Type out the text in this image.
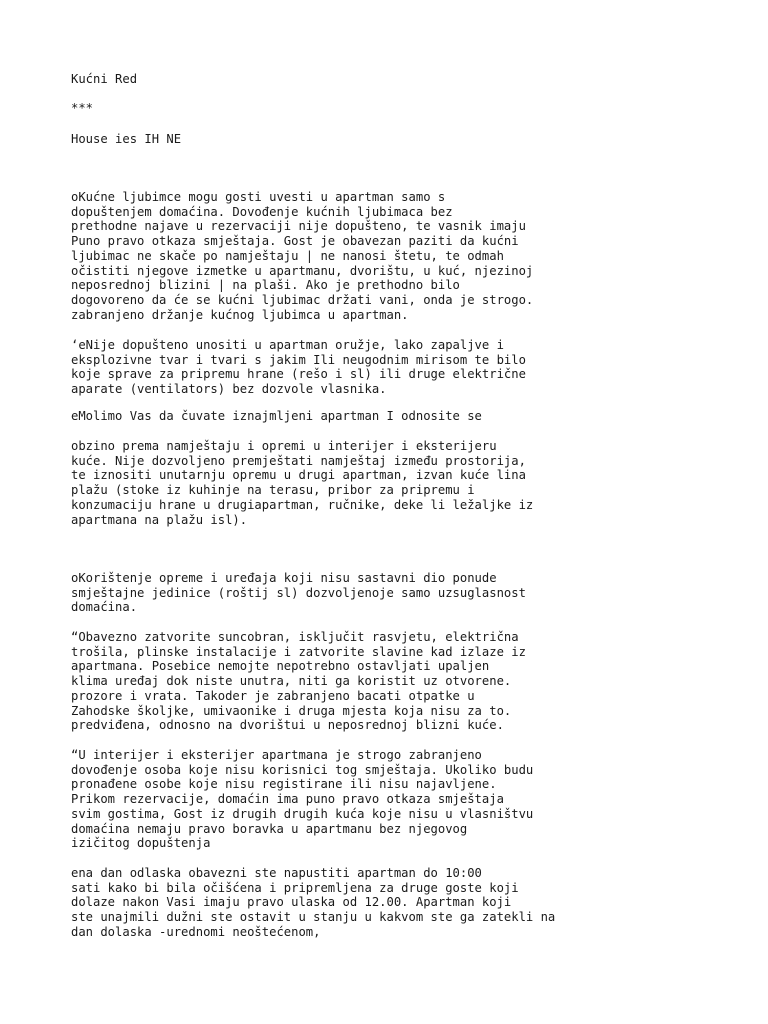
Kućni Red

***

House ies IH NE

oKućne ljubimce mogu gosti uvesti u apartman samo s

dopuštenjem domaćina. Dovođenje kućnih ljubimaca bez

prethodne najave u rezervaciji nije dopušteno, te vasnik imaju

Puno pravo otkaza smještaja. Gost je obavezan paziti da kućni

ljubimac ne skače po namještaju | ne nanosi štetu, te odmah

očistiti njegove izmetke u apartmanu, dvorištu, u kuć, njezinoj

neposrednoj blizini | na plaši. Ako je prethodno bilo

dogovoreno da će se kućni ljubimac držati vani, onda je strogo.

zabranjeno držanje kućnog ljubimca u apartman.

‘eNije dopušteno unositi u apartman oružje, lako zapaljve i

eksplozivne tvar i tvari s jakim Ili neugodnim mirisom te bilo

koje sprave za pripremu hrane (rešo i sl) ili druge električne

aparate (ventilators) bez dozvole vlasnika.

eMolimo Vas da čuvate iznajmljeni apartman I odnosite se

obzino prema namještaju i opremi u interijer i eksterijeru

kuće. Nije dozvoljeno premještati namještaj između prostorija,

te iznositi unutarnju opremu u drugi apartman, izvan kuće lina

plažu (stoke iz kuhinje na terasu, pribor za pripremu i

konzumaciju hrane u drugiapartman, ručnike, deke li ležaljke iz

apartmana na plažu isl).

oKorištenje opreme i uređaja koji nisu sastavni dio ponude

smještajne jedinice (roštij sl) dozvoljenoje samo uzsuglasnost

domaćina.

“Obavezno zatvorite suncobran, isključit rasvjetu, električna

trošila, plinske instalacije i zatvorite slavine kad izlaze iz

apartmana. Posebice nemojte nepotrebno ostavljati upaljen

klima uređaj dok niste unutra, niti ga koristit uz otvorene.

prozore i vrata. Takoder je zabranjeno bacati otpatke u

Zahodske školjke, umivaonike i druga mjesta koja nisu za to.

predviđena, odnosno na dvorištui u neposrednoj blizni kuće.

“U interijer i eksterijer apartmana je strogo zabranjeno

dovođenje osoba koje nisu korisnici tog smještaja. Ukoliko budu

pronađene osobe koje nisu registirane ili nisu najavljene.

Prikom rezervacije, domaćin ima puno pravo otkaza smještaja

svim gostima, Gost iz drugih drugih kuća koje nisu u vlasništvu

domaćina nemaju pravo boravka u apartmanu bez njegovog

izičitog dopuštenja

ena dan odlaska obavezni ste napustiti apartman do 10:00

sati kako bi bila očišćena i pripremljena za druge goste koji

dolaze nakon Vasi imaju pravo ulaska od 12.00. Apartman koji

ste unajmili dužni ste ostavit u stanju u kakvom ste ga zatekli na

dan dolaska -urednomi neoštećenom,
